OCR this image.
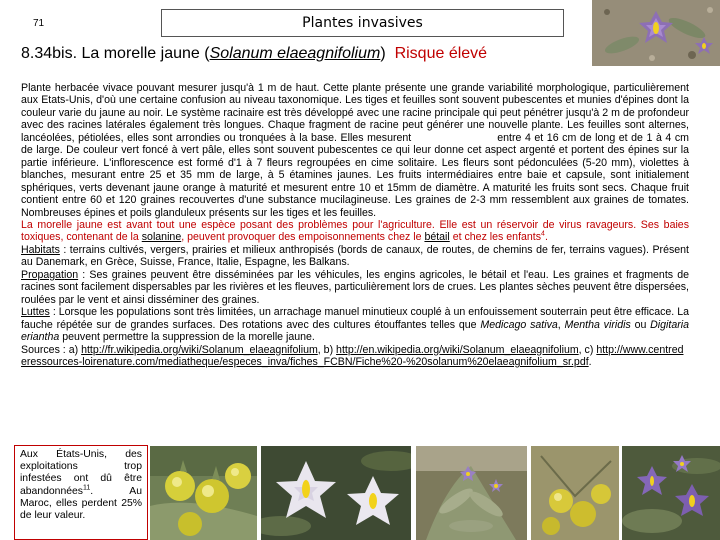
71	Plantes invasives
8.34bis. La morelle jaune (Solanum elaeagnifolium) Risque élevé

Plante herbacée vivace pouvant mesurer jusqu'à 1 m de haut. Cette plante présente une grande variabilité morphologique, particulièrement aux Etats-Unis, d'où une certaine confusion au niveau taxonomique. Les tiges et feuilles sont souvent pubescentes et munies d'épines dont la couleur varie du jaune au noir. Le système racinaire est très développé avec une racine principale qui peut pénétrer jusqu'à 2 m de profondeur avec des racines latérales également très longues. Chaque fragment de racine peut générer une nouvelle plante. Les feuilles sont alternes, lancéolées, pétiolées, elles sont arrondies ou tronquées à la base. Elles mesurent	entre 4 et 16 cm de long et de 1 à 4 cm de large. De couleur vert foncé à vert pâle, elles sont souvent pubescentes ce qui leur donne cet aspect argenté et portent des épines sur la partie inférieure. L'inflorescence est formé d'1 à 7 fleurs regroupées en cime solitaire. Les fleurs sont pédonculées (5-20 mm), violettes à blanches, mesurant entre 25 et 35 mm de large, à 5 étamines jaunes. Les fruits intermédiaires entre baie et capsule, sont initialement sphériques, verts devenant jaune orange à maturité et mesurent entre 10 et 15mm de diamètre. A maturité les fruits sont secs. Chaque fruit contient entre 60 et 120 graines recouvertes d'une substance mucilagineuse. Les graines de 2-3 mm ressemblent aux graines de tomates. Nombreuses épines et poils glanduleux présents sur les tiges et les feuilles.

La morelle jaune est avant tout une espèce posant des problèmes pour l'agriculture. Elle est un réservoir de virus ravageurs. Ses baies toxiques, contenant de la solanine, peuvent provoquer des empoisonnements chez le bétail et chez les enfants$^4$.

Habitats : terrains cultivés, vergers, prairies et milieux anthropisés (bords de canaux, de routes, de chemins de fer, terrains vagues). Présent au Danemark, en Grèce, Suisse, France, Italie, Espagne, les Balkans.

Propagation : Ses graines peuvent être disséminées par les véhicules, les engins agricoles, le bétail et l'eau. Les graines et fragments de racines sont facilement dispersables par les rivières et les fleuves, particulièrement lors de crues. Les plantes sèches peuvent être dispersées, roulées par le vent et ainsi disséminer des graines.

Luttes : Lorsque les populations sont très limitées, un arrachage manuel minutieux couplé à un enfouissement souterrain peut être efficace. La fauche répétée sur de grandes surfaces. Des rotations avec des cultures étouffantes telles que Medicago sativa, Mentha viridis ou Digitaria eriantha peuvent permettre la suppression de la morelle jaune.

Sources : a) http://fr.wikipedia.org/wiki/Solanum_elaeagnifolium, b) http://en.wikipedia.org/wiki/Solanum_elaeagnifolium, c) http://www.centrederessources-loirenature.com/mediatheque/especes_inva/fiches_FCBN/Fiche%20-%20solanum%20elaeagnifolium_sr.pdf.

Aux États-Unis, des exploitations trop infestées ont dû être abandonnées$^{11}$. Au Maroc, elles perdent 25% de leur valeur.
